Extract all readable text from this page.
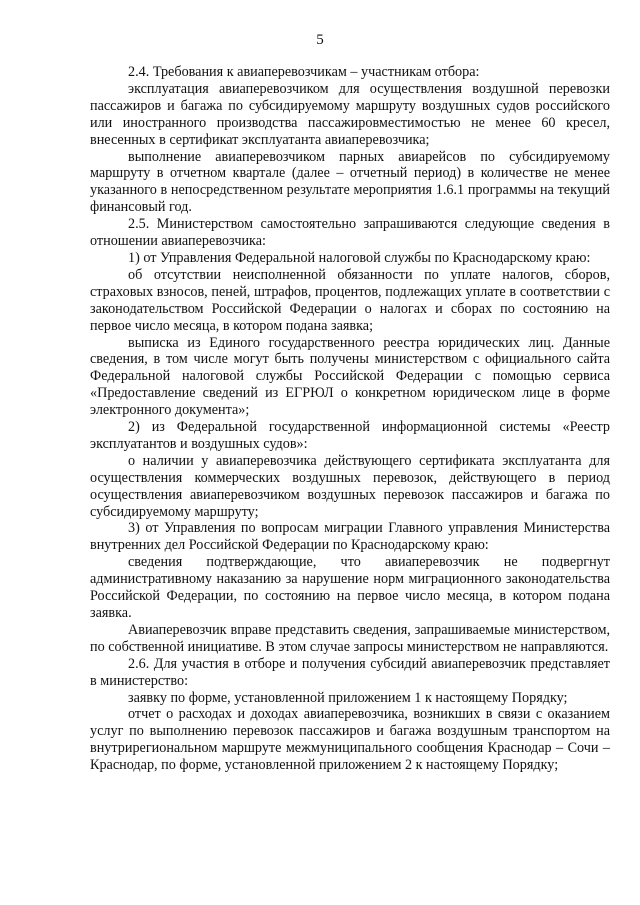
5

2.4. Требования к авиаперевозчикам – участникам отбора:

эксплуатация авиаперевозчиком для осуществления воздушной перевозки пассажиров и багажа по субсидируемому маршруту воздушных судов российского или иностранного производства пассажировместимостью не менее 60 кресел, внесенных в сертификат эксплуатанта авиаперевозчика;

выполнение авиаперевозчиком парных авиарейсов по субсидируемому маршруту в отчетном квартале (далее – отчетный период) в количестве не менее указанного в непосредственном результате мероприятия 1.6.1 программы на текущий финансовый год.

2.5. Министерством самостоятельно запрашиваются следующие сведения в отношении авиаперевозчика:

1) от Управления Федеральной налоговой службы по Краснодарскому краю:

об отсутствии неисполненной обязанности по уплате налогов, сборов, страховых взносов, пеней, штрафов, процентов, подлежащих уплате в соответствии с законодательством Российской Федерации о налогах и сборах по состоянию на первое число месяца, в котором подана заявка;

выписка из Единого государственного реестра юридических лиц. Данные сведения, в том числе могут быть получены министерством с официального сайта Федеральной налоговой службы Российской Федерации с помощью сервиса «Предоставление сведений из ЕГРЮЛ о конкретном юридическом лице в форме электронного документа»;

2) из Федеральной государственной информационной системы «Реестр эксплуатантов и воздушных судов»:

о наличии у авиаперевозчика действующего сертификата эксплуатанта для осуществления коммерческих воздушных перевозок, действующего в период осуществления авиаперевозчиком воздушных перевозок пассажиров и багажа по субсидируемому маршруту;

3) от Управления по вопросам миграции Главного управления Министерства внутренних дел Российской Федерации по Краснодарскому краю:

сведения подтверждающие, что авиаперевозчик не подвергнут административному наказанию за нарушение норм миграционного законодательства Российской Федерации, по состоянию на первое число месяца, в котором подана заявка.

Авиаперевозчик вправе представить сведения, запрашиваемые министерством, по собственной инициативе. В этом случае запросы министерством не направляются.

2.6. Для участия в отборе и получения субсидий авиаперевозчик представляет в министерство:

заявку по форме, установленной приложением 1 к настоящему Порядку;

отчет о расходах и доходах авиаперевозчика, возникших в связи с оказанием услуг по выполнению перевозок пассажиров и багажа воздушным транспортом на внутрирегиональном маршруте межмуниципального сообщения Краснодар – Сочи – Краснодар, по форме, установленной приложением 2 к настоящему Порядку;
